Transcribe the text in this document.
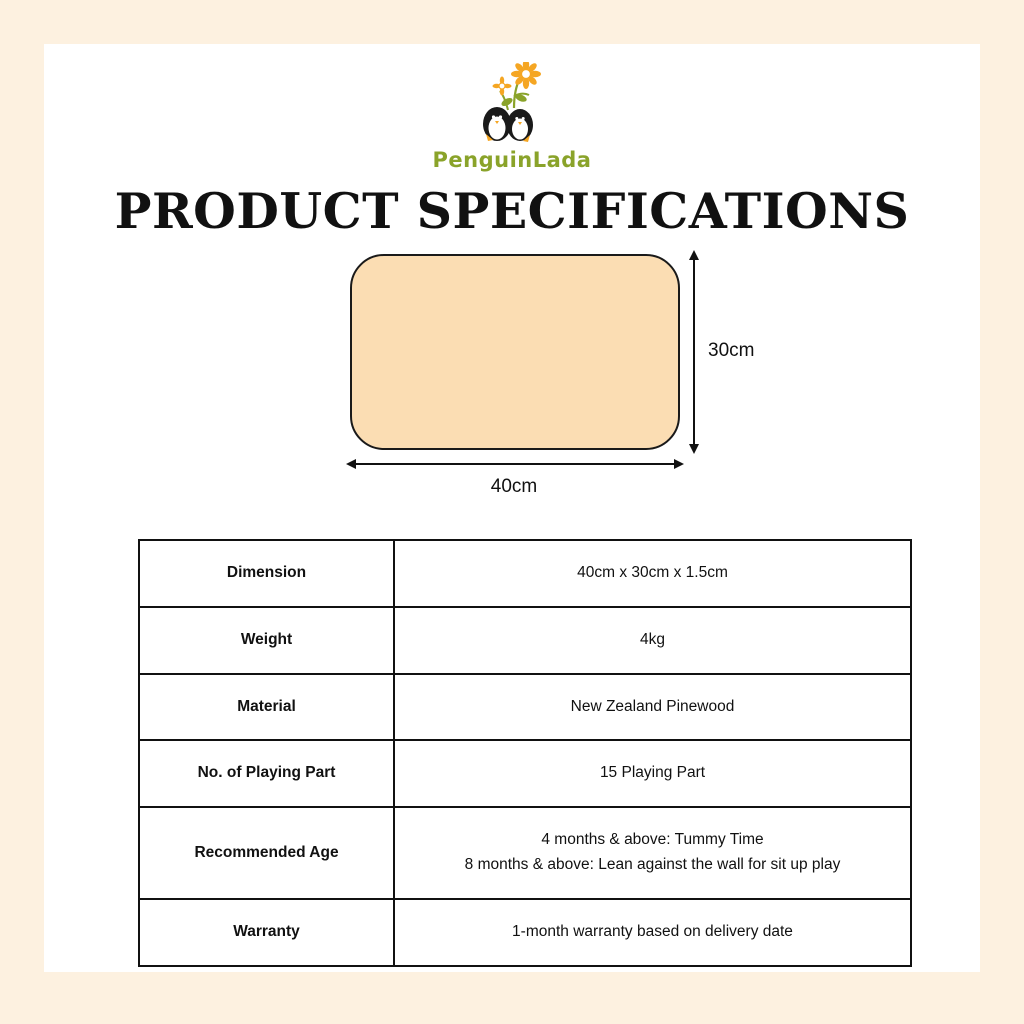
PenguinLada
PRODUCT SPECIFICATIONS
30cm
40cm
Dimension	40cm x 30cm x 1.5cm

Weight	4kg

Material	New Zealand Pinewood

No. of Playing Part	15 Playing Part

Recommended Age	4 months & above: Tummy Time
8 months & above: Lean against the wall for sit up play

Warranty	1-month warranty based on delivery date
